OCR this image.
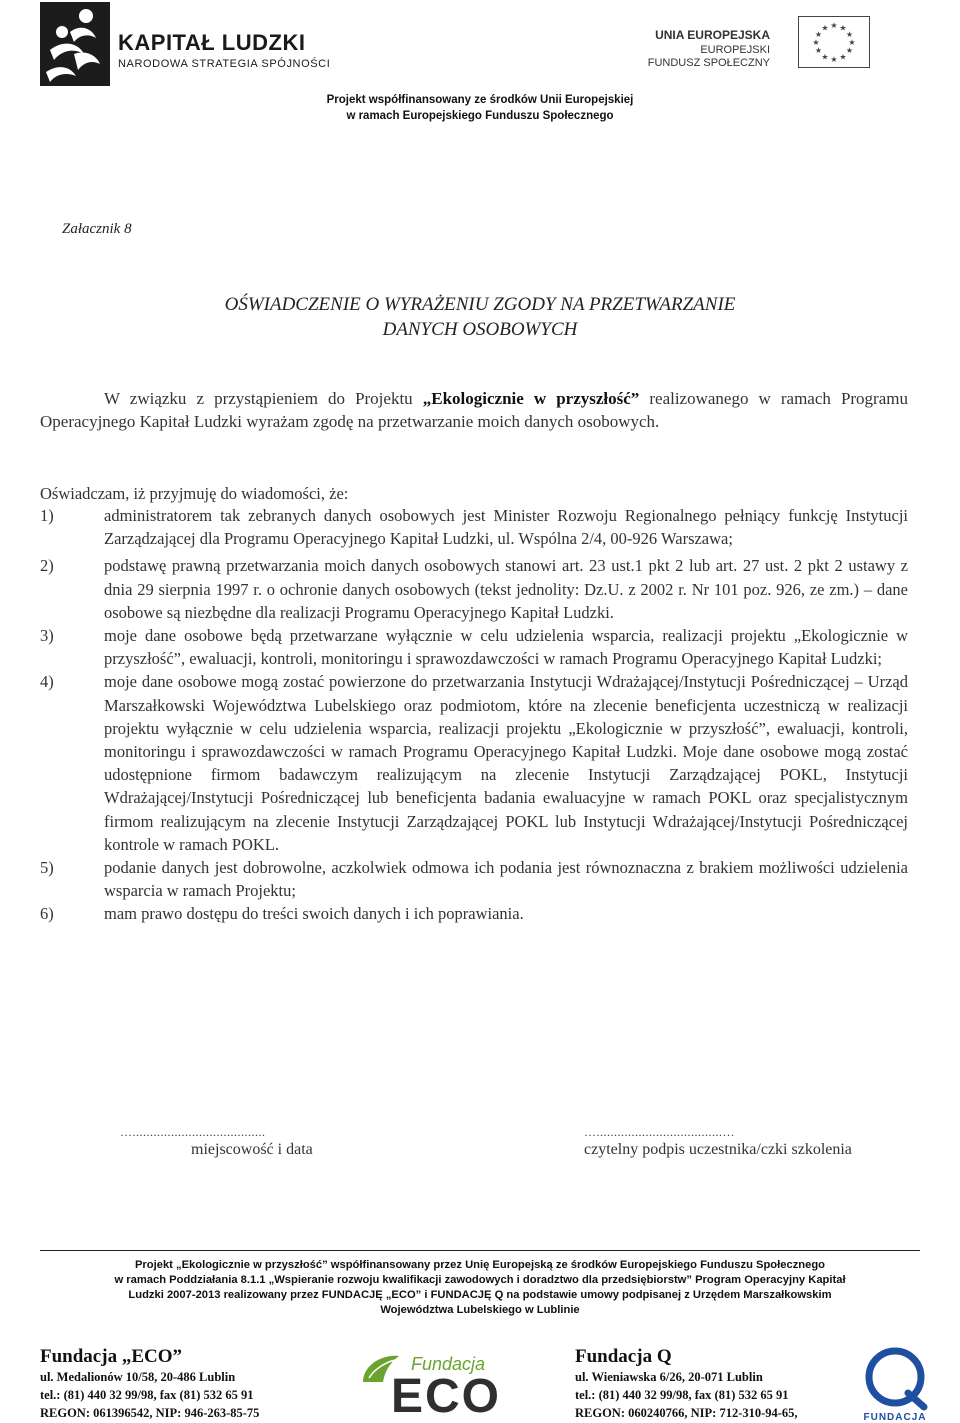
KAPITAŁ LUDZKI
NARODOWA STRATEGIA SPÓJNOŚCI
UNIA EUROPEJSKA
EUROPEJSKI
FUNDUSZ SPOŁECZNY
★ ★
★
★
★
★
★
★
★
★
★
★
Projekt współfinansowany ze środków Unii Europejskiej
w ramach Europejskiego Funduszu Społecznego
Załacznik 8
OŚWIADCZENIE O WYRAŻENIU ZGODY NA PRZETWARZANIE
DANYCH OSOBOWYCH
W związku z przystąpieniem do Projektu „Ekologicznie w przyszłość” realizowanego w ramach Programu Operacyjnego Kapitał Ludzki wyrażam zgodę na przetwarzanie moich danych osobowych.
Oświadczam, iż przyjmuję do wiadomości, że:
1)	administratorem tak zebranych danych osobowych jest Minister Rozwoju Regionalnego pełniący funkcję Instytucji Zarządzającej dla Programu Operacyjnego Kapitał Ludzki, ul. Wspólna 2/4, 00-926 Warszawa;
2)	podstawę prawną przetwarzania moich danych osobowych stanowi art. 23 ust.1 pkt 2 lub art. 27 ust. 2 pkt 2 ustawy z dnia 29 sierpnia 1997 r. o ochronie danych osobowych (tekst jednolity: Dz.U. z 2002 r. Nr 101 poz. 926, ze zm.) – dane osobowe są niezbędne dla realizacji Programu Operacyjnego Kapitał Ludzki.
3)	moje dane osobowe będą przetwarzane wyłącznie w celu udzielenia wsparcia, realizacji projektu „Ekologicznie w przyszłość”, ewaluacji, kontroli, monitoringu i sprawozdawczości w ramach Programu Operacyjnego Kapitał Ludzki;
4)	moje dane osobowe mogą zostać powierzone do przetwarzania Instytucji Wdrażającej/Instytucji Pośredniczącej – Urząd Marszałkowski Województwa Lubelskiego oraz podmiotom, które na zlecenie beneficjenta uczestniczą w realizacji projektu wyłącznie w celu udzielenia wsparcia, realizacji projektu „Ekologicznie w przyszłość”, ewaluacji, kontroli, monitoringu i sprawozdawczości w ramach Programu Operacyjnego Kapitał Ludzki. Moje dane osobowe mogą zostać udostępnione firmom badawczym realizującym na zlecenie Instytucji Zarządzającej POKL, Instytucji Wdrażającej/Instytucji Pośredniczącej lub beneficjenta badania ewaluacyjne w ramach POKL oraz specjalistycznym firmom realizującym na zlecenie Instytucji Zarządzającej POKL lub Instytucji Wdrażającej/Instytucji Pośredniczącej kontrole w ramach POKL.
5)	podanie danych jest dobrowolne, aczkolwiek odmowa ich podania jest równoznaczna z brakiem możliwości udzielenia wsparcia w ramach Projektu;
6)	mam prawo dostępu do treści swoich danych i ich poprawiania.
…......................................	…....................................…
miejscowość i data	czytelny podpis uczestnika/czki szkolenia
Projekt „Ekologicznie w przyszłość” współfinansowany przez Unię Europejską ze środków Europejskiego Funduszu Społecznego
w ramach Poddziałania 8.1.1 „Wspieranie rozwoju kwalifikacji zawodowych i doradztwo dla przedsiębiorstw” Program Operacyjny Kapitał
Ludzki 2007-2013 realizowany przez FUNDACJĘ „ECO” i FUNDACJĘ Q na podstawie umowy podpisanej z Urzędem Marszałkowskim
Województwa Lubelskiego w Lublinie
Fundacja „ECO”
ul. Medalionów 10/58, 20-486 Lublin
tel.: (81) 440 32 99/98, fax (81) 532 65 91
REGON: 061396542, NIP: 946-263-85-75
Fundacja
ECO
Fundacja Q
ul. Wieniawska 6/26, 20-071 Lublin
tel.: (81) 440 32 99/98, fax (81) 532 65 91
REGON: 060240766, NIP: 712-310-94-65,	FUNDACJA
